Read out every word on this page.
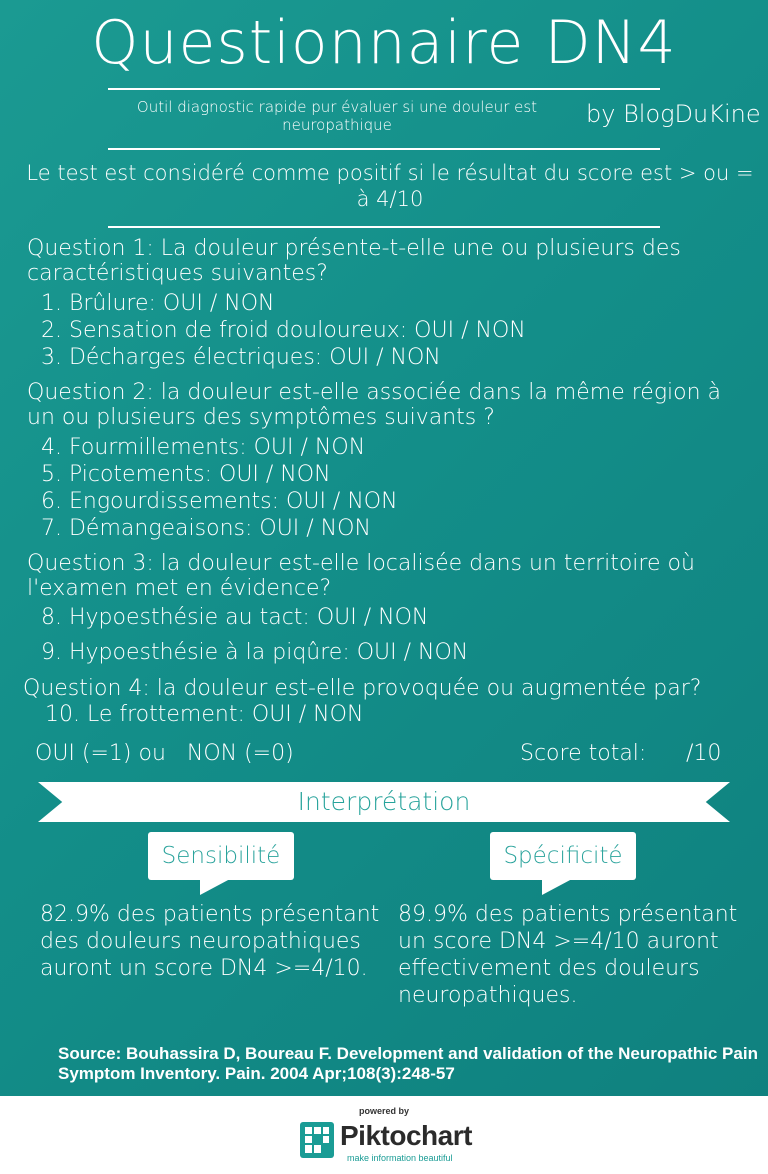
Questionnaire DN4
Outil diagnostic rapide pur évaluer si une douleur est neuropathique	by BlogDuKine
Le test est considéré comme positif si le résultat du score est > ou = à 4/10
Question 1: La douleur présente-t-elle une ou plusieurs des caractéristiques suivantes?
1. Brûlure: OUI / NON
2. Sensation de froid douloureux: OUI / NON
3. Décharges électriques: OUI / NON
Question 2: la douleur est-elle associée dans la même région à un ou plusieurs des symptômes suivants ?
4. Fourmillements: OUI / NON
5. Picotements: OUI / NON
6. Engourdissements: OUI / NON
7. Démangeaisons: OUI / NON
Question 3: la douleur est-elle localisée dans un territoire où l'examen met en évidence?
8. Hypoesthésie au tact: OUI / NON
9. Hypoesthésie à la piqûre: OUI / NON
Question 4: la douleur est-elle provoquée ou augmentée par?
10. Le frottement: OUI / NON
OUI (=1) ou   NON (=0)	Score total: /10
Interprétation
Sensibilité
82.9% des patients présentant des douleurs neuropathiques auront un score DN4 >=4/10.
Spécificité
89.9% des patients présentant un score DN4 >=4/10 auront effectivement des douleurs neuropathiques.
Source: Bouhassira D, Boureau F. Development and validation of the Neuropathic Pain Symptom Inventory. Pain. 2004 Apr;108(3):248-57
powered by
Piktochart
make information beautiful
